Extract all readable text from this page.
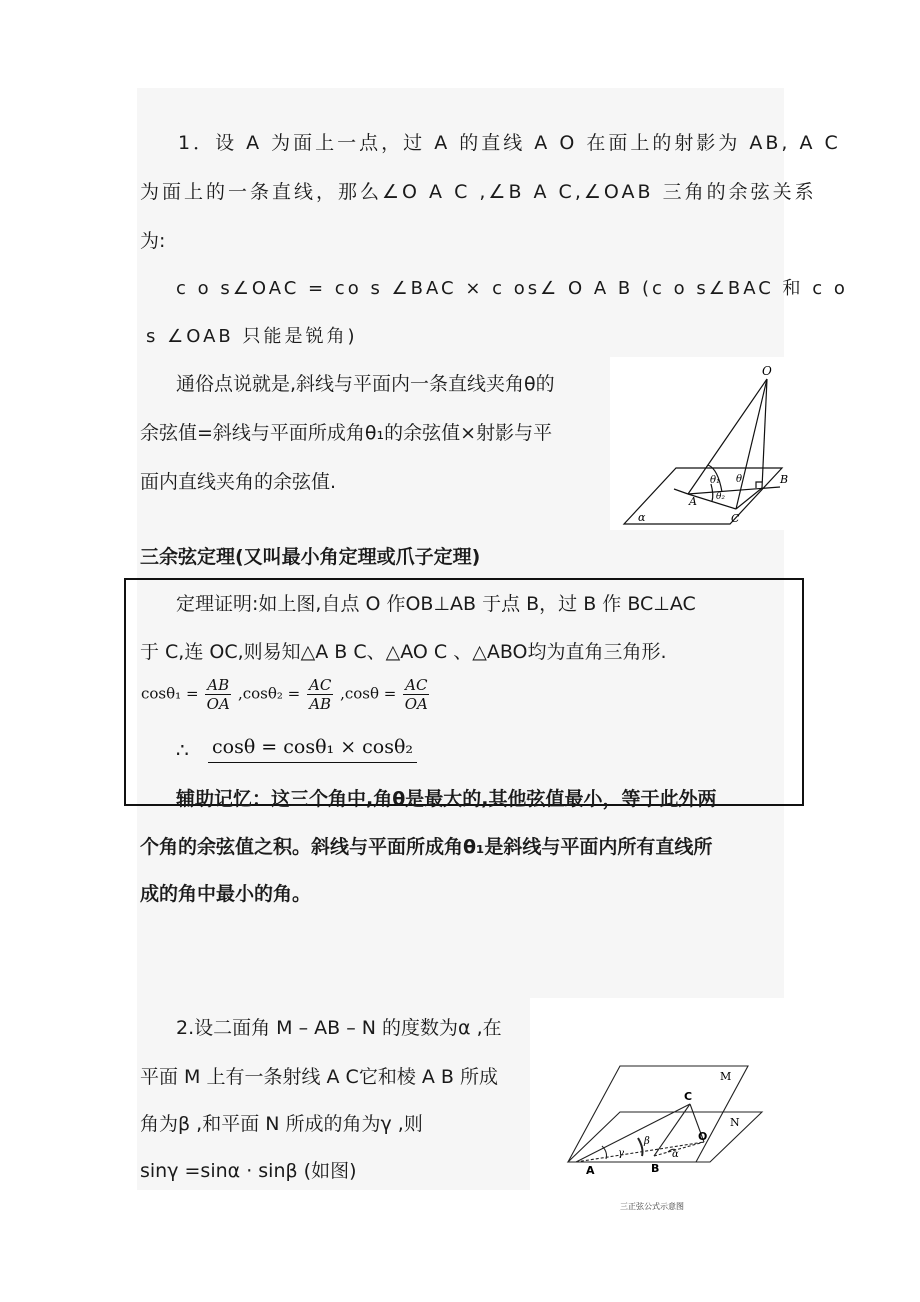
1．设 A 为面上一点，过 A 的直线 A O 在面上的射影为 AB, A C
为面上的一条直线，那么∠O A C ,∠B A C,∠OAB 三角的余弦关系
为:
c o s∠OAC = co s ∠BAC × c os∠ O A B (c o s∠BAC 和 c o
s ∠OAB 只能是锐角)
通俗点说就是,斜线与平面内一条直线夹角θ的
余弦值=斜线与平面所成角θ₁的余弦值×射影与平
面内直线夹角的余弦值.
O
B
A
C
α
θ₁ θ
θ₂
三余弦定理(又叫最小角定理或爪子定理)
定理证明:如上图,自点 O 作OB⊥AB 于点 B，过 B 作 BC⊥AC
于 C,连 OC,则易知△A B C、△AO C 、△ABO均为直角三角形.
$\cos\theta_1 = \frac{AB}{OA} ,\cos\theta_2 = \frac{AC}{AB} ,\cos\theta = \frac{AC}{OA}$
∴ cosθ = cosθ₁ × cosθ₂
辅助记忆：这三个角中,角θ是最大的,其他弦值最小，等于此外两
个角的余弦值之积。斜线与平面所成角θ₁是斜线与平面内所有直线所
成的角中最小的角。
2.设二面角 M – AB – N 的度数为α ,在
平面 M 上有一条射线 A C它和棱 A B 所成
角为β ,和平面 N 所成的角为γ ,则
sinγ =sinα · sinβ (如图)
M
N
C
O
A	B
γ
β
α
三正弦公式示意图
